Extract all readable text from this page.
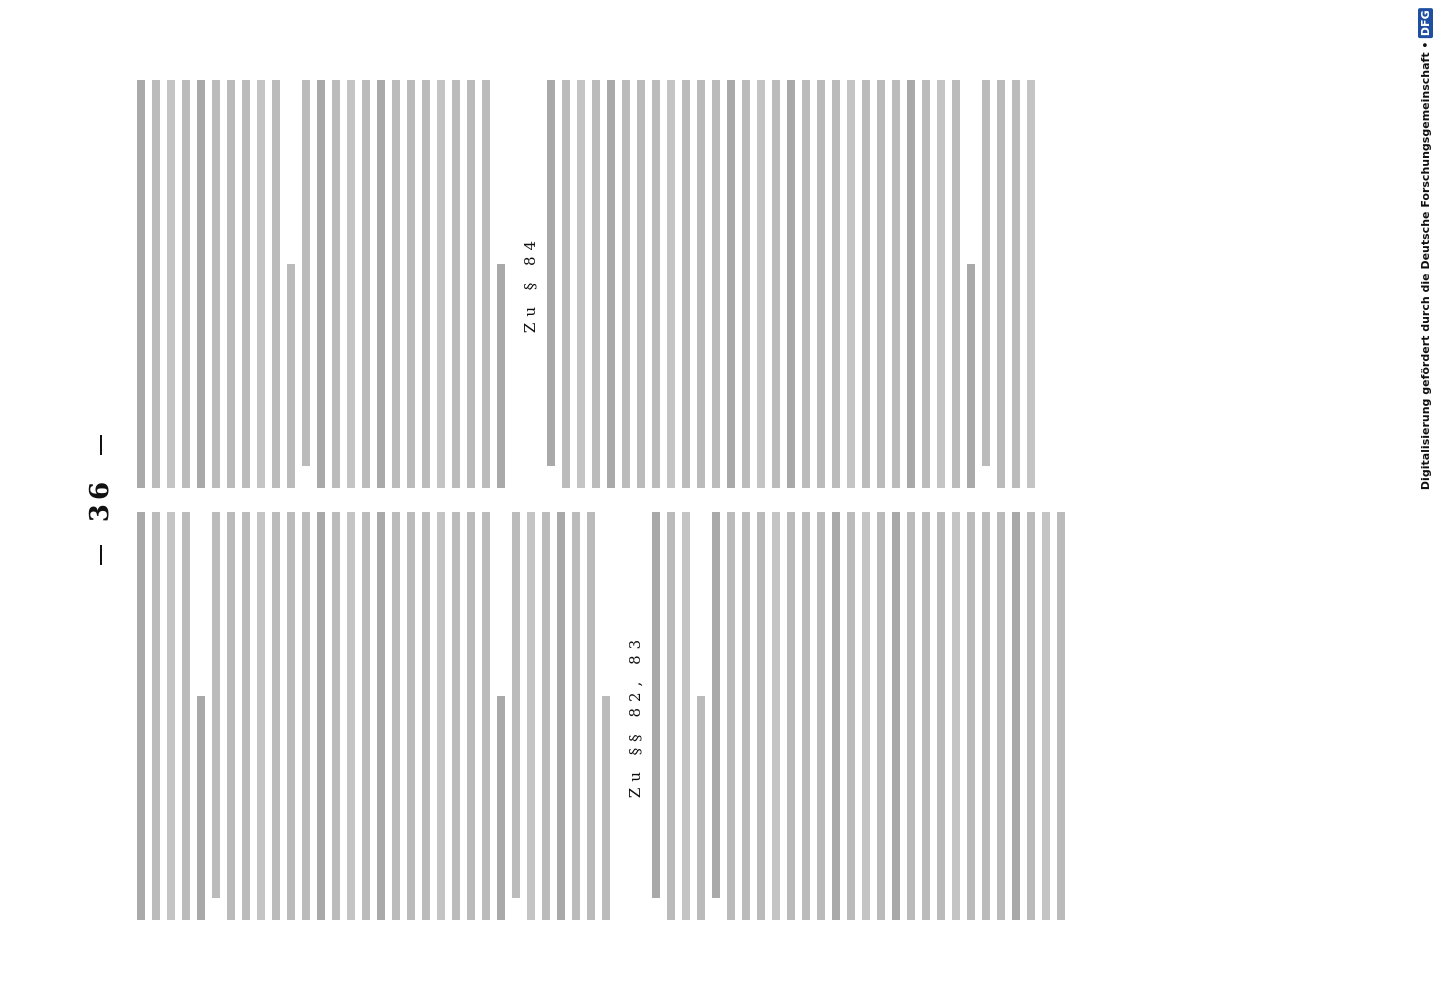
Digitalisierung gefördert durch die Deutsche Forschungsgemeinschaft • DFG
36
Zu §§ 82, 83
Zu § 84
